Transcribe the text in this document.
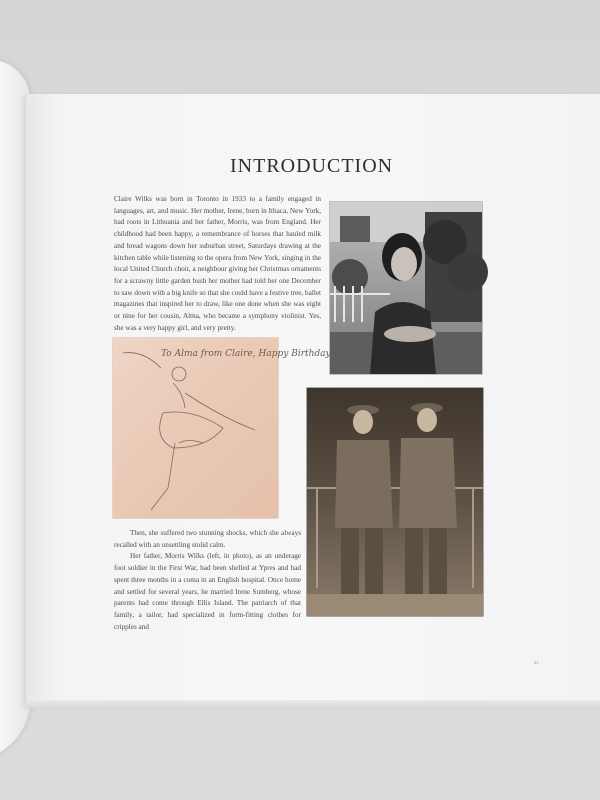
INTRODUCTION
Claire Wilks was born in Toronto in 1933 to a family engaged in languages, art, and music. Her mother, Irene, born in Ithaca, New York, had roots in Lithuania and her father, Morris, was from England. Her childhood had been happy, a remembrance of horses that hauled milk and bread wagons down her suburban street, Saturdays drawing at the kitchen table while listening to the opera from New York, singing in the local United Church choir, a neighbour giving her Christmas ornaments for a scrawny little garden bush her mother had told her one December to saw down with a big knife so that she could have a festive tree, ballet magazines that inspired her to draw, like one done when she was eight or nine for her cousin, Alma, who became a symphony violinist. Yes, she was a very happy girl, and very pretty.
To Alma from Claire, Happy Birthday.

Then, she suffered two stunning shocks, which she always recalled with an unsettling stolid calm.

Her father, Morris Wilks (left, in photo), as an underage foot soldier in the First War, had been shelled at Ypres and had spent three months in a coma in an English hospital. Once home and settled for several years, he married Irene Sumberg, whose parents had come through Ellis Island. The patriarch of that family, a tailor, had specialized in form-fitting clothes for cripples and

xi
